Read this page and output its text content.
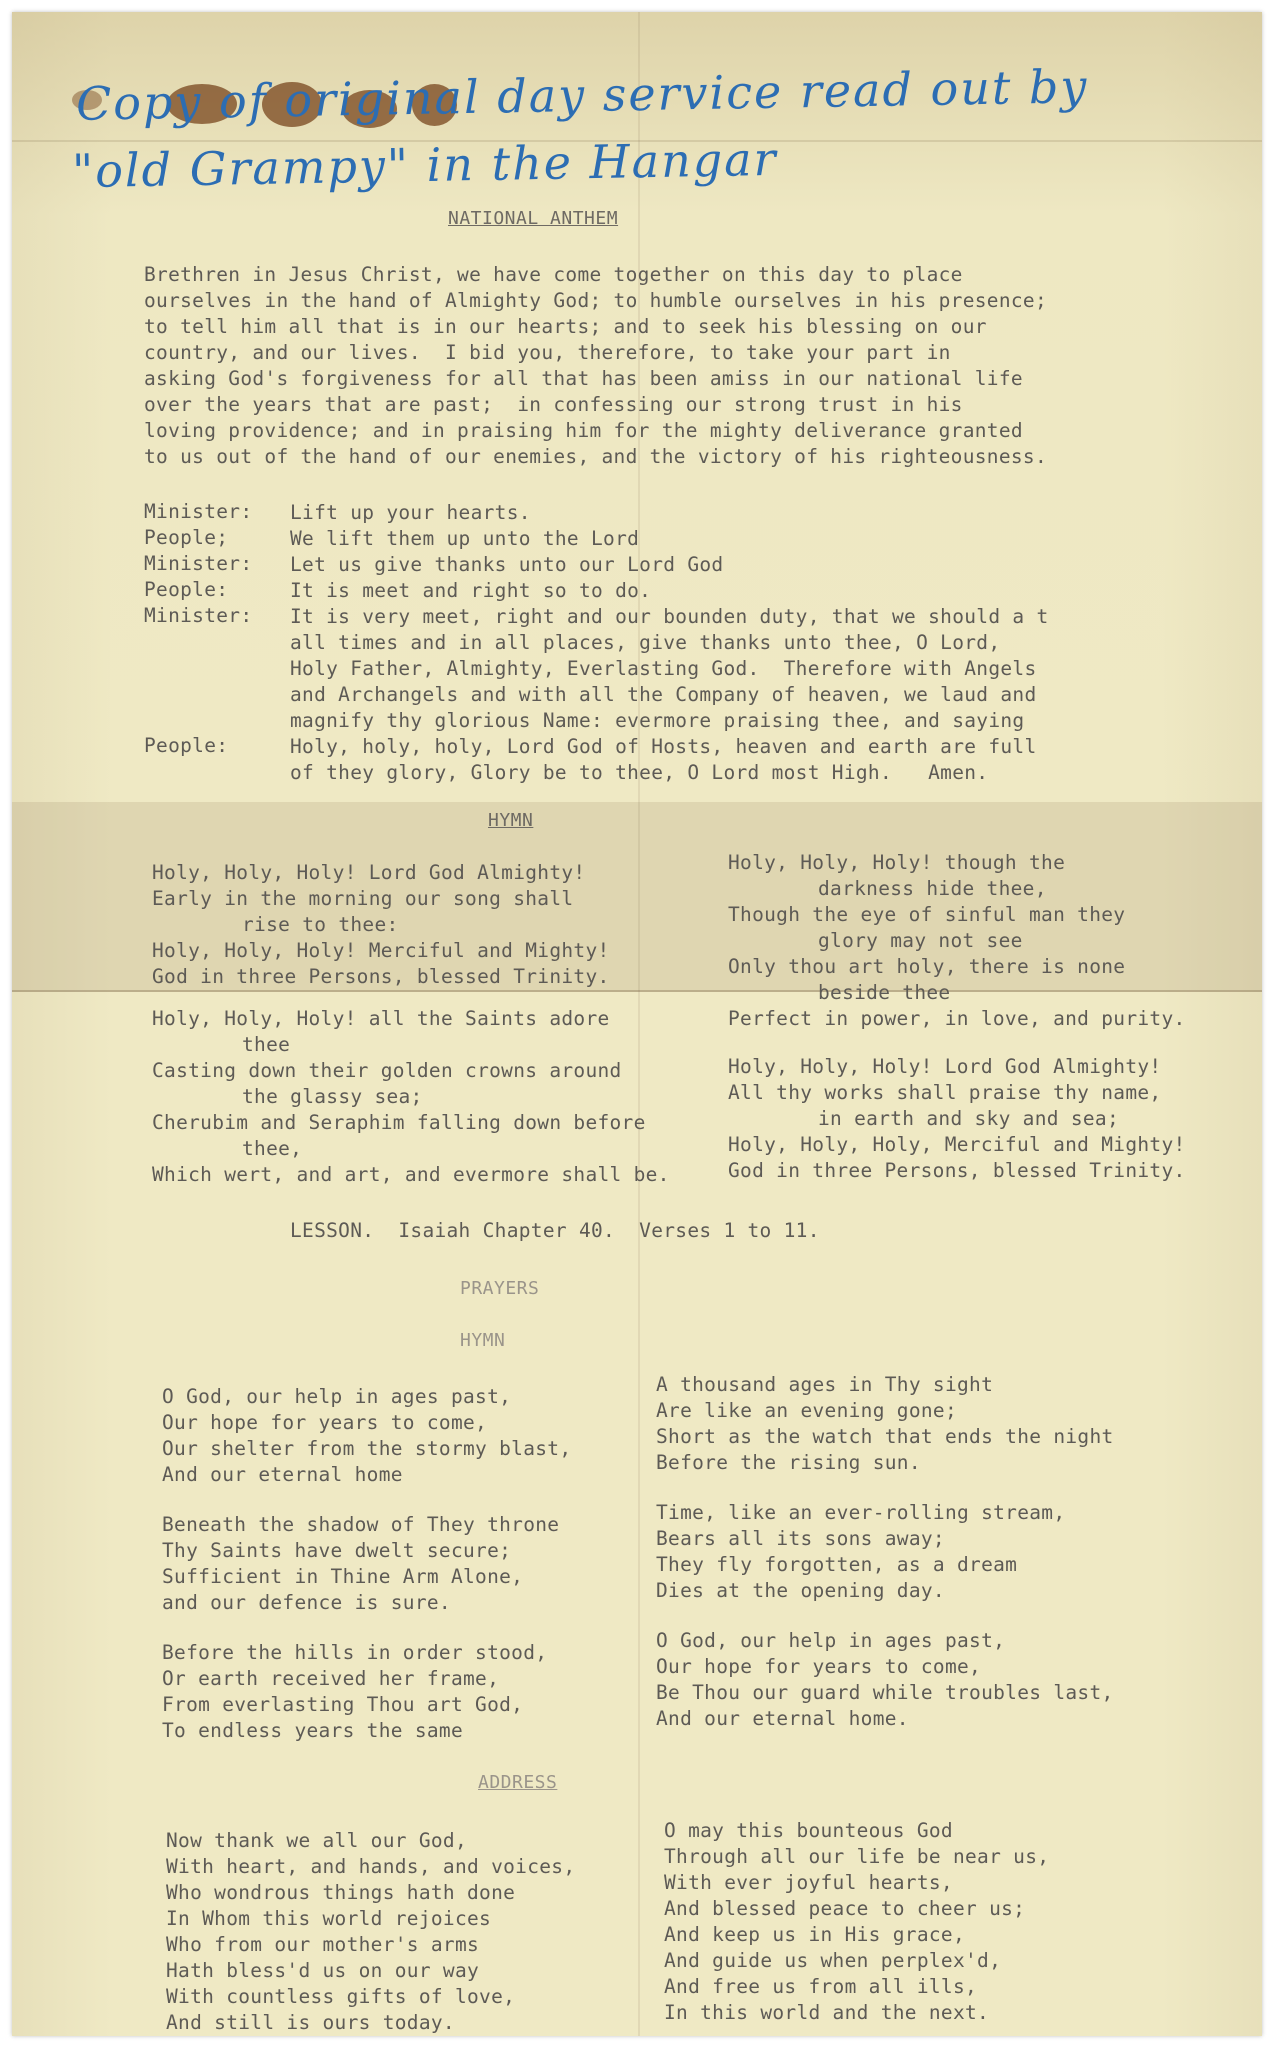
Copy of original day service read out by
"old Grampy" in the Hangar
NATIONAL ANTHEM
Brethren in Jesus Christ, we have come together on this day to place
ourselves in the hand of Almighty God; to humble ourselves in his presence;
to tell him all that is in our hearts; and to seek his blessing on our
country, and our lives.  I bid you, therefore, to take your part in
asking God's forgiveness for all that has been amiss in our national life
over the years that are past;  in confessing our strong trust in his
loving providence; and in praising him for the mighty deliverance granted
to us out of the hand of our enemies, and the victory of his righteousness.
Minister: Lift up your hearts.
People;	We lift them up unto the Lord
Minister: Let us give thanks unto our Lord God
People:	It is meet and right so to do.
Minister: It is very meet, right and our bounden duty, that we should a t
all times and in all places, give thanks unto thee, O Lord,
Holy Father, Almighty, Everlasting God.  Therefore with Angels
and Archangels and with all the Company of heaven, we laud and
magnify thy glorious Name: evermore praising thee, and saying
People:	Holy, holy, holy, Lord God of Hosts, heaven and earth are full
of they glory, Glory be to thee, O Lord most High.   Amen.
HYMN
Holy, Holy, Holy! Lord God Almighty!
Early in the morning our song shall
rise to thee:
Holy, Holy, Holy! Merciful and Mighty!
God in three Persons, blessed Trinity.
Holy, Holy, Holy! all the Saints adore
thee
Casting down their golden crowns around
the glassy sea;
Cherubim and Seraphim falling down before
thee,
Which wert, and art, and evermore shall be.
Holy, Holy, Holy! though the
darkness hide thee,
Though the eye of sinful man they
glory may not see
Only thou art holy, there is none
beside thee
Perfect in power, in love, and purity.
Holy, Holy, Holy! Lord God Almighty!
All thy works shall praise thy name,
in earth and sky and sea;
Holy, Holy, Holy, Merciful and Mighty!
God in three Persons, blessed Trinity.
LESSON.  Isaiah Chapter 40.  Verses 1 to 11.
PRAYERS
HYMN
O God, our help in ages past,
Our hope for years to come,
Our shelter from the stormy blast,
And our eternal home
Beneath the shadow of They throne
Thy Saints have dwelt secure;
Sufficient in Thine Arm Alone,
and our defence is sure.
Before the hills in order stood,
Or earth received her frame,
From everlasting Thou art God,
To endless years the same
A thousand ages in Thy sight
Are like an evening gone;
Short as the watch that ends the night
Before the rising sun.
Time, like an ever-rolling stream,
Bears all its sons away;
They fly forgotten, as a dream
Dies at the opening day.
O God, our help in ages past,
Our hope for years to come,
Be Thou our guard while troubles last,
And our eternal home.
ADDRESS
Now thank we all our God,
With heart, and hands, and voices,
Who wondrous things hath done
In Whom this world rejoices
Who from our mother's arms
Hath bless'd us on our way
With countless gifts of love,
And still is ours today.
O may this bounteous God
Through all our life be near us,
With ever joyful hearts,
And blessed peace to cheer us;
And keep us in His grace,
And guide us when perplex'd,
And free us from all ills,
In this world and the next.
